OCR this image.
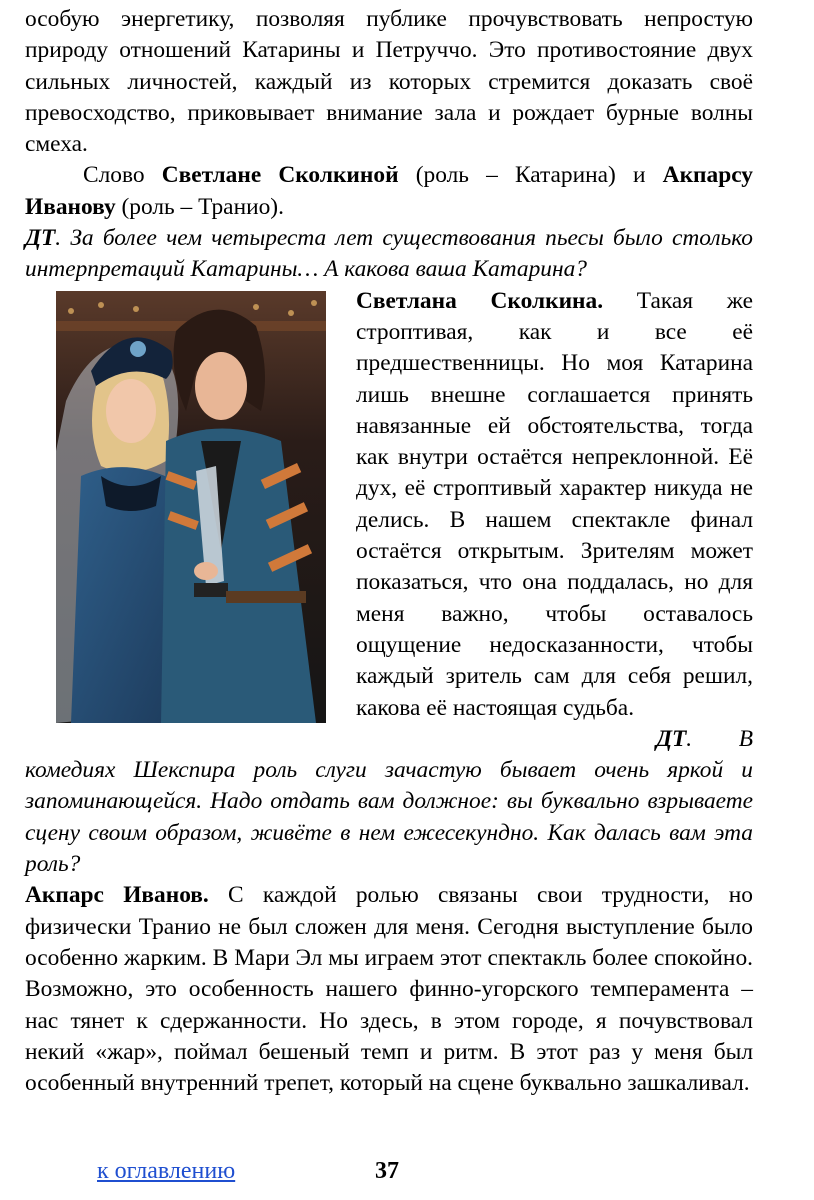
особую энергетику, позволяя публике прочувствовать непростую природу отношений Катарины и Петруччо. Это противостояние двух сильных личностей, каждый из которых стремится доказать своё превосходство, приковывает внимание зала и рождает бурные волны смеха.

Слово Светлане Сколкиной (роль – Катарина) и Акпарсу Иванову (роль – Транио).

ДТ. За более чем четыреста лет существования пьесы было столько интерпретаций Катарины… А какова ваша Катарина?

Светлана Сколкина.
Такая же строптивая, как и все её предшественницы. Но моя Катарина лишь внешне соглашается принять навязанные ей обстоятельства, тогда как внутри остаётся непреклонной. Её дух, её строптивый характер никуда не делись. В нашем спектакле финал остаётся открытым. Зрителям может показаться, что она поддалась, но для меня важно, чтобы оставалось ощущение недосказанности, чтобы каждый зритель сам для себя решил, какова её настоящая судьба.

ДТ. В комедиях Шекспира роль слуги зачастую бывает очень яркой и запоминающейся. Надо отдать вам должное: вы буквально взрываете сцену своим образом, живёте в нем ежесекундно. Как далась вам эта роль?

Акпарс Иванов. С каждой ролью связаны свои трудности, но физически Транио не был сложен для меня. Сегодня выступление было особенно жарким. В Мари Эл мы играем этот спектакль более спокойно. Возможно, это особенность нашего финно-угорского темперамента – нас тянет к сдержанности. Но здесь, в этом городе, я почувствовал некий «жар», поймал бешеный темп и ритм. В этот раз у меня был особенный внутренний трепет, который на сцене буквально зашкаливал.

к оглавлению	37
